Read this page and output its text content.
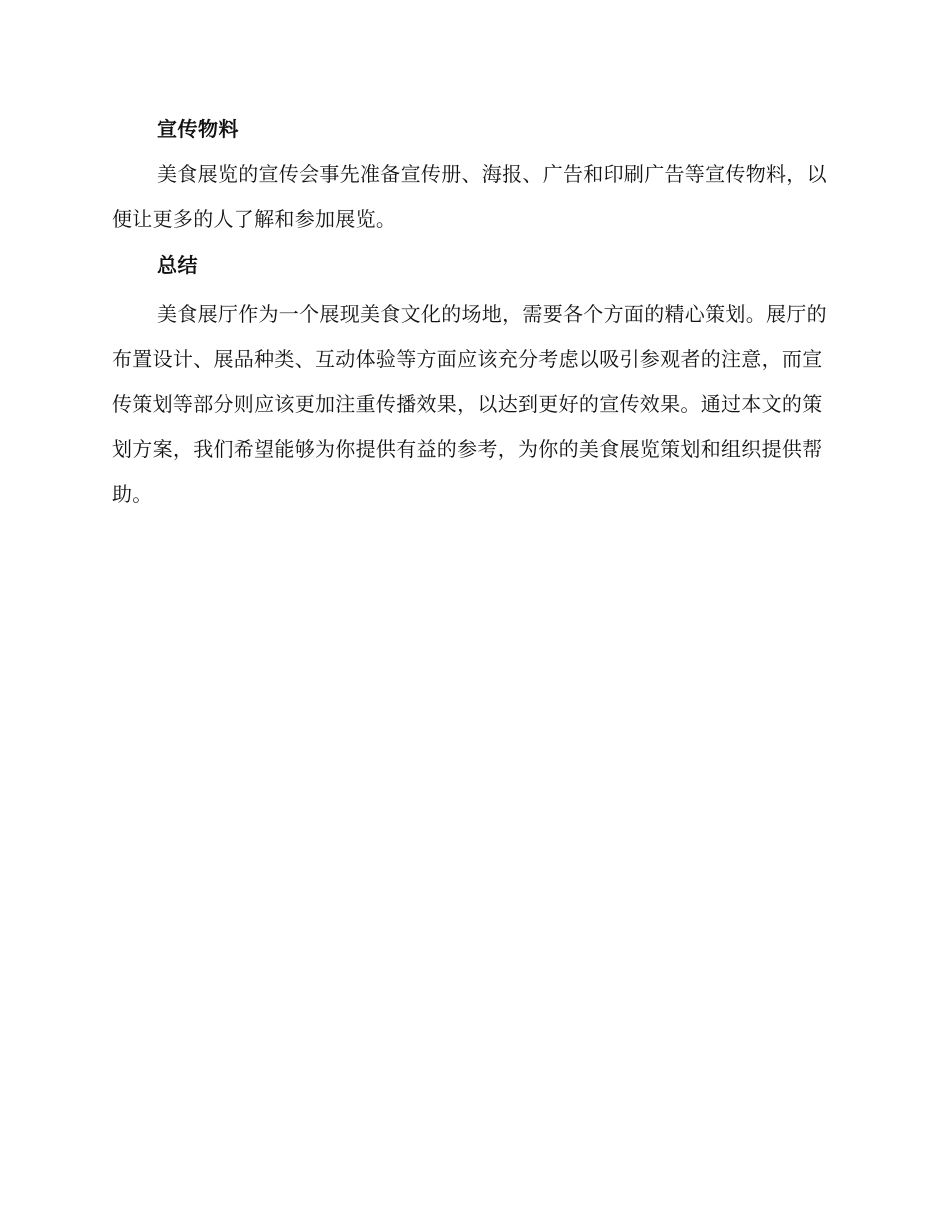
宣传物料

美食展览的宣传会事先准备宣传册、海报、广告和印刷广告等宣传物料，以便让更多的人了解和参加展览。

总结

美食展厅作为一个展现美食文化的场地，需要各个方面的精心策划。展厅的布置设计、展品种类、互动体验等方面应该充分考虑以吸引参观者的注意，而宣传策划等部分则应该更加注重传播效果，以达到更好的宣传效果。通过本文的策划方案，我们希望能够为你提供有益的参考，为你的美食展览策划和组织提供帮助。
